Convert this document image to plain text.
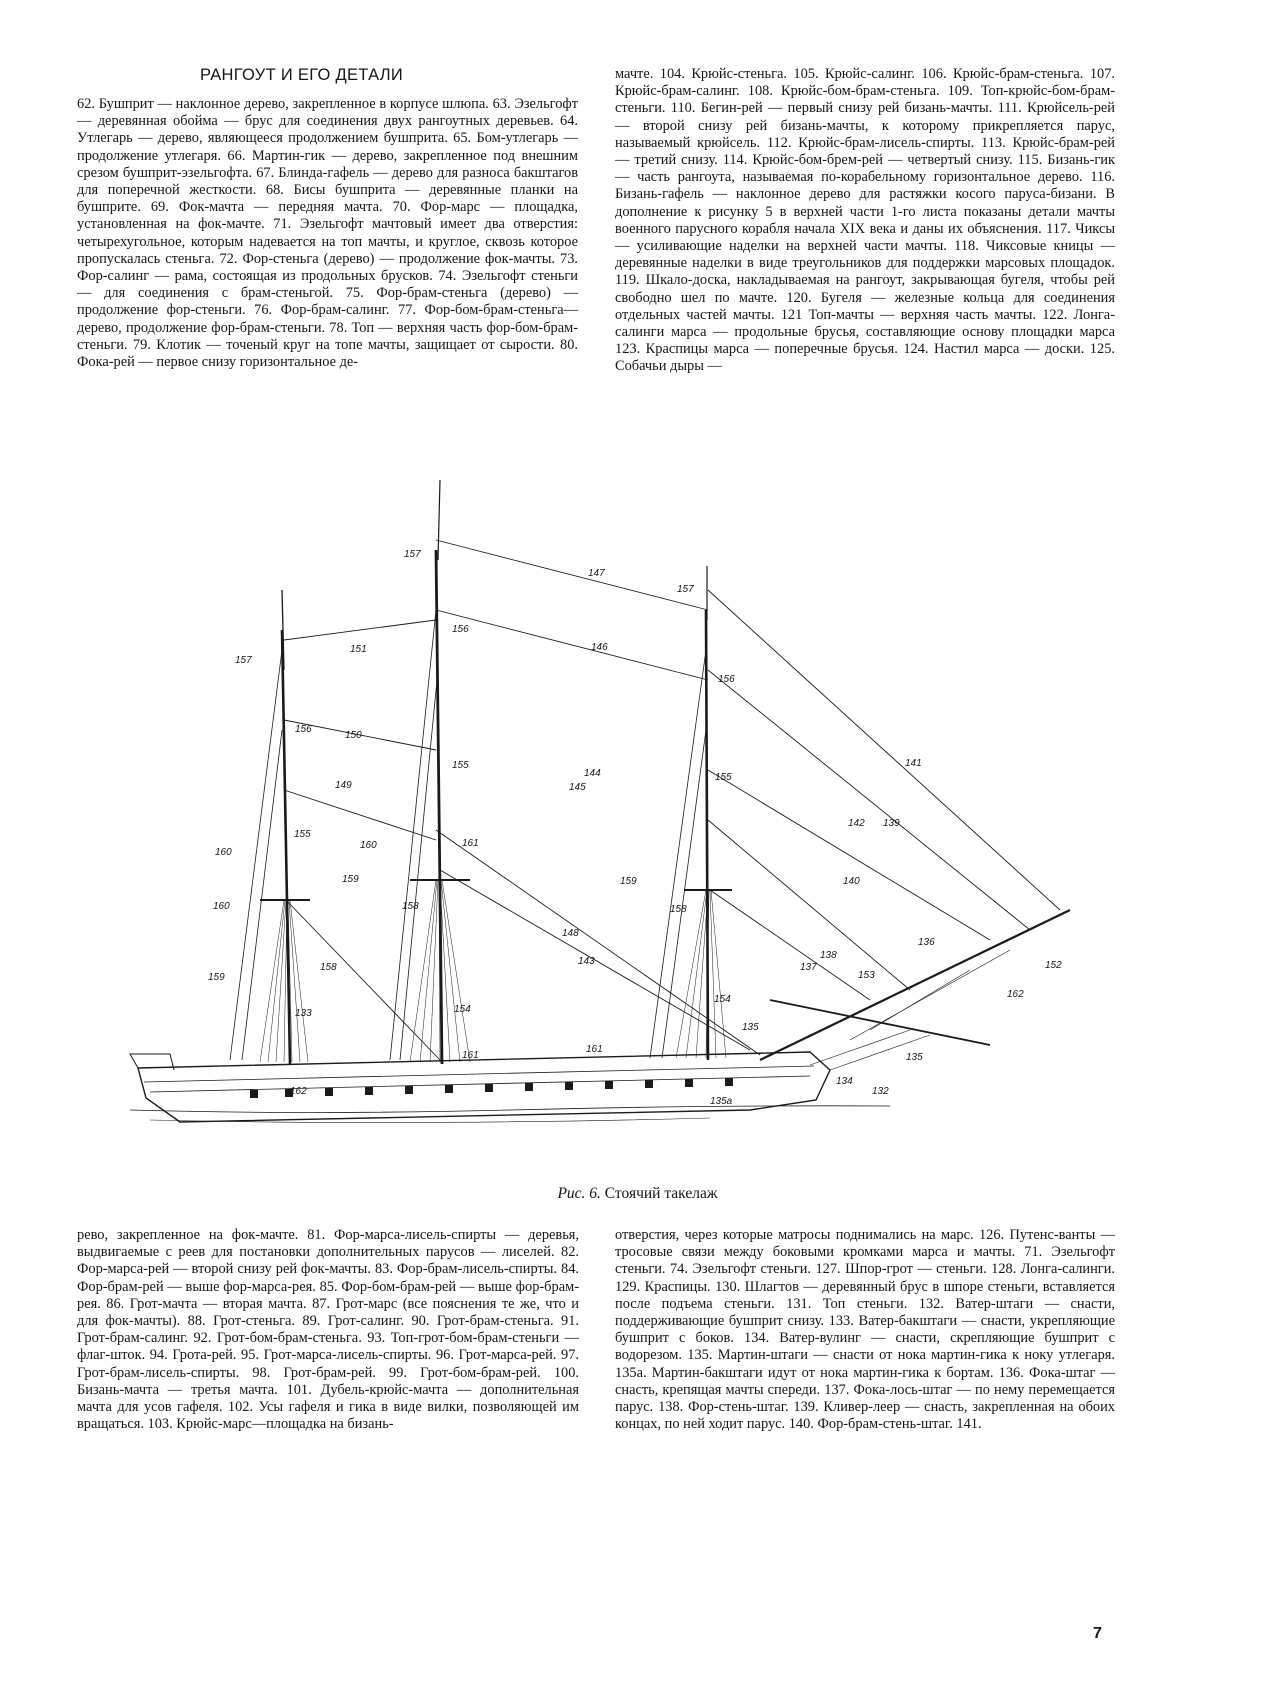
РАНГОУТ И ЕГО ДЕТАЛИ

62. Бушприт — наклонное дерево, закрепленное в корпусе шлюпа. 63. Эзельгофт — деревянная обойма — брус для соединения двух рангоутных деревьев. 64. Утлегарь — дерево, являющееся продолжением бушприта. 65. Бом-утлегарь — продолжение утлегаря. 66. Мартин-гик — дерево, закрепленное под внешним срезом бушприт-эзельгофта. 67. Блинда-гафель — дерево для разноса бакштагов для поперечной жесткости. 68. Бисы бушприта — деревянные планки на бушприте. 69. Фок-мачта — передняя мачта. 70. Фор-марс — площадка, установленная на фок-мачте. 71. Эзельгофт мачтовый имеет два отверстия: четырехугольное, которым надевается на топ мачты, и круглое, сквозь которое пропускалась стеньга. 72. Фор-стеньга (дерево) — продолжение фок-мачты. 73. Фор-салинг — рама, состоящая из продольных брусков. 74. Эзельгофт стеньги — для соединения с брам-стеньгой. 75. Фор-брам-стеньга (дерево) — продолжение фор-стеньги. 76. Фор-брам-салинг. 77. Фор-бом-брам-стеньга—дерево, продолжение фор-брам-стеньги. 78. Топ — верхняя часть фор-бом-брам-стеньги. 79. Клотик — точеный круг на топе мачты, защищает от сырости. 80. Фока-рей — первое снизу горизонтальное де-

мачте. 104. Крюйс-стеньга. 105. Крюйс-салинг. 106. Крюйс-брам-стеньга. 107. Крюйс-брам-салинг. 108. Крюйс-бом-брам-стеньга. 109. Топ-крюйс-бом-брам-стеньги. 110. Бегин-рей — первый снизу рей бизань-мачты. 111. Крюйсель-рей — второй снизу рей бизань-мачты, к которому прикрепляется парус, называемый крюйсель. 112. Крюйс-брам-лисель-спирты. 113. Крюйс-брам-рей — третий снизу. 114. Крюйс-бом-брем-рей — четвертый снизу. 115. Бизань-гик — часть рангоута, называемая по-корабельному горизонтальное дерево. 116. Бизань-гафель — наклонное дерево для растяжки косого паруса-бизани. В дополнение к рисунку 5 в верхней части 1-го листа показаны детали мачты военного парусного корабля начала XIX века и даны их объяснения. 117. Чиксы — усиливающие наделки на верхней части мачты. 118. Чиксовые кницы — деревянные наделки в виде треугольников для поддержки марсовых площадок. 119. Шкало-доска, накладываемая на рангоут, закрывающая бугеля, чтобы рей свободно шел по мачте. 120. Бугеля — железные кольца для соединения отдельных частей мачты. 121 Топ-мачты — верхняя часть мачты. 122. Лонга-салинги марса — продольные брусья, составляющие основу площадки марса 123. Краспицы марса — поперечные брусья. 124. Настил марса — доски. 125. Собачьи дыры —

157
157
157
147
151	146
156
156
156
150
155
155
155
144
145
141
149
161
161
161
160
160
160
159	159
159
158	158
158
148
143
142 139
140
138
137
136
152
153
162
162
135
135
134
132
135а
133	154
154
Рис. 6. Стоячий такелаж

рево, закрепленное на фок-мачте. 81. Фор-марса-лисель-спирты — деревья, выдвигаемые с реев для постановки дополнительных парусов — лиселей. 82. Фор-марса-рей — второй снизу рей фок-мачты. 83. Фор-брам-лисель-спирты. 84. Фор-брам-рей — выше фор-марса-рея. 85. Фор-бом-брам-рей — выше фор-брам-рея. 86. Грот-мачта — вторая мачта. 87. Грот-марс (все пояснения те же, что и для фок-мачты). 88. Грот-стеньга. 89. Грот-салинг. 90. Грот-брам-стеньга. 91. Грот-брам-салинг. 92. Грот-бом-брам-стеньга. 93. Топ-грот-бом-брам-стеньги — флаг-шток. 94. Грота-рей. 95. Грот-марса-лисель-спирты. 96. Грот-марса-рей. 97. Грот-брам-лисель-спирты. 98. Грот-брам-рей. 99. Грот-бом-брам-рей. 100. Бизань-мачта — третья мачта. 101. Дубель-крюйс-мачта — дополнительная мачта для усов гафеля. 102. Усы гафеля и гика в виде вилки, позволяющей им вращаться. 103. Крюйс-марс—площадка на бизань-

отверстия, через которые матросы поднимались на марс. 126. Путенс-ванты — тросовые связи между боковыми кромками марса и мачты. 71. Эзельгофт стеньги. 74. Эзельгофт стеньги. 127. Шпор-грот — стеньги. 128. Лонга-салинги. 129. Краспицы. 130. Шлагтов — деревянный брус в шпоре стеньги, вставляется после подъема стеньги. 131. Топ стеньги. 132. Ватер-штаги — снасти, поддерживающие бушприт снизу. 133. Ватер-бакштаги — снасти, укрепляющие бушприт с боков. 134. Ватер-вулинг — снасти, скрепляющие бушприт с водорезом. 135. Мартин-штаги — снасти от нока мартин-гика к ноку утлегаря. 135а. Мартин-бакштаги идут от нока мартин-гика к бортам. 136. Фока-штаг — снасть, крепящая мачты спереди. 137. Фока-лось-штаг — по нему перемещается парус. 138. Фор-стень-штаг. 139. Кливер-леер — снасть, закрепленная на обоих концах, по ней ходит парус. 140. Фор-брам-стень-штаг. 141.

7
